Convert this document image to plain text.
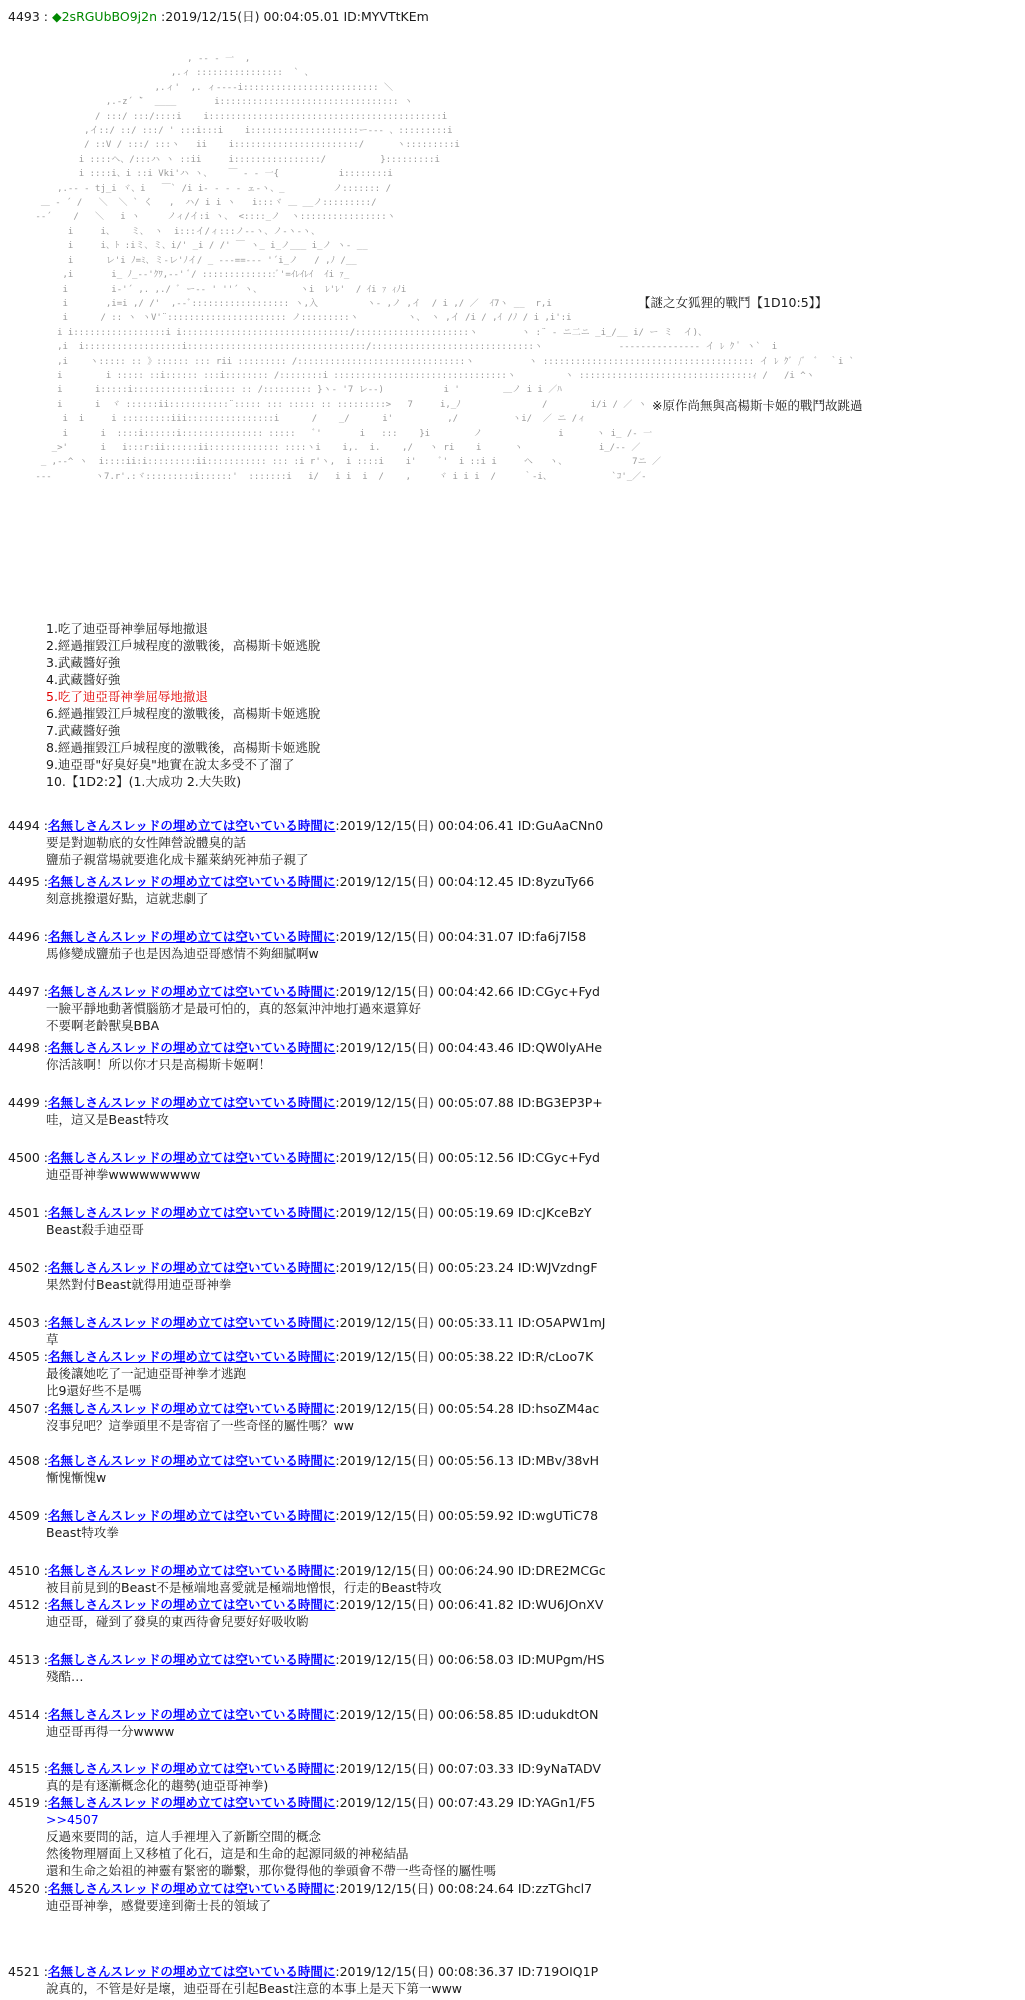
4493 : ◆2sRGUbBO9j2n :2019/12/15(日) 00:04:05.01 ID:MYVTtKEm
, -‐ ‐ 一  ,
,.ィ ::::::::::::::::  ` 、
,.ィ'  ,. ィ‐‐‐‐i::::::::::::::::::::::::: ＼
,.‐z´ ̄`  ____       i::::::::::::::::::::::::::::::::: ヽ
/ :::/ :::/::::i    i:::::::::::::::::::::::::::::::::::::::::::i
,イ::/ ::/ :::/ ' :::i:::i    i::::::::::::::::::::ー‐‐‐ 、:::::::::i
/ ::V / :::/ :::ヽ   ii    i:::::::::::::::::::::::/      ヽ:::::::::i
i ::::ヘ、/:::ハ ヽ ::ii     i::::::::::::::::/          }:::::::::i
i ::::i、i ::i Vki'ハ ヽ、   ￣ ‐ ‐ 一{           i::::::::i
,.‐‐ ‐ tj_i ヾ、i   ￣` /i i‐ ‐ ‐ ‐ ェ‐ヽ、_         ノ::::::: /
＿ ‐ ´ /   ＼  ＼ ` く   ,  ハ/ i i ヽ   i:::ヾ ＿ __ノ:::::::::/
-‐´    /   ＼   i ヽ     ノィ/イ:i ヽ、 <::::_ノ  ヽ::::::::::::::::ヽ
i     i、   ミ、 ヽ  i:::イ/ィ:::ノ‐‐ヽ、ノ‐ヽ‐ヽ、
i     i、ﾄ :iミ、ミ、i/' _i / /' ￣ ヽ_ i_ノ___ i_ノ ヽ‐ __
i      レ'i ﾉ=ﾐ、ミ-レ'ﾉイ/ _ ‐‐-==‐‐‐ '´i_ノ   / ,ﾉ /__
,i       i_ ﾉ_-‐'ｸﾜ,-‐' ﾞ/ ::::::::::::::ﾞ'=ｲﾚｲﾚｲ  ｲi ｧ_
i        i‐'´ ,. ,./ ﾞ ー-‐ ' ''´ ヽ、       ヽi  ﾚ'ﾚ'  / ｲi ｧ ｨﾉi
i       ,i=i ,/ /'  ,-‐ﾞ:::::::::::::::::: ヽ,入         ヽ‐ ,ノ ,イ  / i ,/ ／  ｲ7ヽ __  r,i
i      / :: ヽ ヽV'¨:::::::::::::::::::::: ノ:::::::::ヽ         ヽ、 ヽ ,イ /i / ,ｲ /ﾉ / i ,i':i
i i:::::::::::::::::i i:::::::::::::::::::::::::::::::/:::::::::::::::::::::ヽ        ヽ :¨ ‐ ニ二ニ _i_/__ i/ ー ミ  イ)、
,i  i::::::::::::::::::i:::::::::::::::::::::::::::::::::/::::::::::::::::::::::::::::::ヽ              ‐‐‐‐‐‐‐‐‐‐‐‐‐‐‐ イ ﾚ ｸ ﾟ ヽ`  i
,i    ヽ::::: :: 》:::::: ::: rii ::::::::: /:::::::::::::::::::::::::::::::ヽ          ヽ ::::::::::::::::::::::::::::::::::::::: イ ﾚ ｸﾞ /ﾞ  ﾞ  ｀i `
i        i ::::: ::i:::::: :::i:::::::: /::::::::i ::::::::::::::::::::::::::::::::ヽ         ヽ ::::::::::::::::::::::::::::::::ｨ /   /i ^ヽ
i      i:::::i:::::::::::::i::::: :: /::::::::: }ヽ‐ '7 レ‐‐)           i '        ＿ノ i i ／ﾊ
i      i  ヾ ::::::ii:::::::::::¨::::: ::: ::::: :: :::::::::>   7     i,_ﾉ               /        i/i / ／ ヽ
i  i     i :::::::::iii::::::::::::::::i      /    _/      i'          ,/          ヽi/  ／ ニ /ィ
i      i  ::::i::::::i::::::::::::::: :::::   ﾞ'       i   :::    }i        ノ              i      ヽ i_ /- 一
_>'      i   i:::r:ii::::::ii::::::::::::: ::::ヽi    i,.  i.    ,/   ヽ ri    i      ヽ              i_/‐‐ ／
_ ,-‐^ ヽ  i::::ii:i:::::::::ii::::::::::: ::: :i r'ヽ,  i ::::i    i'    ﾞ'  i ::i i     ヘ   ヽ、            7ニ ／
‐‐‐        ヽ7.r'.:ヾ:::::::::i::::::'  :::::::i   i/   i i  i  /    ,     ヾ i i i  /     ｀‐i、           `ｺ'_／‐
【謎之女狐狸的戰鬥【1D10:5】】
※原作尚無與高楊斯卡姬的戰鬥故跳過
1.吃了迪亞哥神拳屈辱地撤退
2.經過摧毀江戶城程度的激戰後，高楊斯卡姬逃脫
3.武藏醬好強
4.武藏醬好強
5.吃了迪亞哥神拳屈辱地撤退
6.經過摧毀江戶城程度的激戰後，高楊斯卡姬逃脫
7.武藏醬好強
8.經過摧毀江戶城程度的激戰後，高楊斯卡姬逃脫
9.迪亞哥"好臭好臭"地實在說太多受不了溜了
10.【1D2:2】(1.大成功 2.大失敗)
4494 :名無しさんスレッドの埋め立ては空いている時間に:2019/12/15(日) 00:04:06.41 ID:GuAaCNn0
要是對迦勒底的女性陣營說體臭的話
鹽茄子親當場就要進化成卡羅萊納死神茄子親了
4495 :名無しさんスレッドの埋め立ては空いている時間に:2019/12/15(日) 00:04:12.45 ID:8yzuTy66
刻意挑撥還好點，這就悲劇了
4496 :名無しさんスレッドの埋め立ては空いている時間に:2019/12/15(日) 00:04:31.07 ID:fa6j7l58
馬修變成鹽茄子也是因為迪亞哥感情不夠細膩啊w
4497 :名無しさんスレッドの埋め立ては空いている時間に:2019/12/15(日) 00:04:42.66 ID:CGyc+Fyd
一臉平靜地動著慣腦筋才是最可怕的，真的怒氣沖沖地打過來還算好
不要啊老齡獸臭BBA
4498 :名無しさんスレッドの埋め立ては空いている時間に:2019/12/15(日) 00:04:43.46 ID:QW0lyAHe
你活該啊！所以你才只是高楊斯卡姬啊！
4499 :名無しさんスレッドの埋め立ては空いている時間に:2019/12/15(日) 00:05:07.88 ID:BG3EP3P+
哇，這又是Beast特攻
4500 :名無しさんスレッドの埋め立ては空いている時間に:2019/12/15(日) 00:05:12.56 ID:CGyc+Fyd
迪亞哥神拳wwwwwwwww
4501 :名無しさんスレッドの埋め立ては空いている時間に:2019/12/15(日) 00:05:19.69 ID:cJKceBzY
Beast殺手迪亞哥
4502 :名無しさんスレッドの埋め立ては空いている時間に:2019/12/15(日) 00:05:23.24 ID:WJVzdngF
果然對付Beast就得用迪亞哥神拳
4503 :名無しさんスレッドの埋め立ては空いている時間に:2019/12/15(日) 00:05:33.11 ID:O5APW1mJ
草
4505 :名無しさんスレッドの埋め立ては空いている時間に:2019/12/15(日) 00:05:38.22 ID:R/cLoo7K
最後讓她吃了一記迪亞哥神拳才逃跑
比9還好些不是嗎
4507 :名無しさんスレッドの埋め立ては空いている時間に:2019/12/15(日) 00:05:54.28 ID:hsoZM4ac
沒事兒吧？這拳頭里不是寄宿了一些奇怪的屬性嗎？ww
4508 :名無しさんスレッドの埋め立ては空いている時間に:2019/12/15(日) 00:05:56.13 ID:MBv/38vH
慚愧慚愧w
4509 :名無しさんスレッドの埋め立ては空いている時間に:2019/12/15(日) 00:05:59.92 ID:wgUTiC78
Beast特攻拳
4510 :名無しさんスレッドの埋め立ては空いている時間に:2019/12/15(日) 00:06:24.90 ID:DRE2MCGc
被目前見到的Beast不是極端地喜愛就是極端地憎恨，行走的Beast特攻
4512 :名無しさんスレッドの埋め立ては空いている時間に:2019/12/15(日) 00:06:41.82 ID:WU6JOnXV
迪亞哥，碰到了發臭的東西待會兒要好好吸收喲
4513 :名無しさんスレッドの埋め立ては空いている時間に:2019/12/15(日) 00:06:58.03 ID:MUPgm/HS
殘酷…
4514 :名無しさんスレッドの埋め立ては空いている時間に:2019/12/15(日) 00:06:58.85 ID:udukdtON
迪亞哥再得一分wwww
4515 :名無しさんスレッドの埋め立ては空いている時間に:2019/12/15(日) 00:07:03.33 ID:9yNaTADV
真的是有逐漸概念化的趨勢(迪亞哥神拳)
4519 :名無しさんスレッドの埋め立ては空いている時間に:2019/12/15(日) 00:07:43.29 ID:YAGn1/F5
>>4507
反過來要問的話，這人手裡埋入了新斷空間的概念
然後物理層面上又移植了化石，這是和生命的起源同級的神秘結晶
還和生命之始祖的神靈有緊密的聯繫，那你覺得他的拳頭會不帶一些奇怪的屬性嗎
4520 :名無しさんスレッドの埋め立ては空いている時間に:2019/12/15(日) 00:08:24.64 ID:zzTGhcl7
迪亞哥神拳，感覺要達到衛士長的領域了
4521 :名無しさんスレッドの埋め立ては空いている時間に:2019/12/15(日) 00:08:36.37 ID:719OIQ1P
說真的，不管是好是壞，迪亞哥在引起Beast注意的本事上是天下第一www
